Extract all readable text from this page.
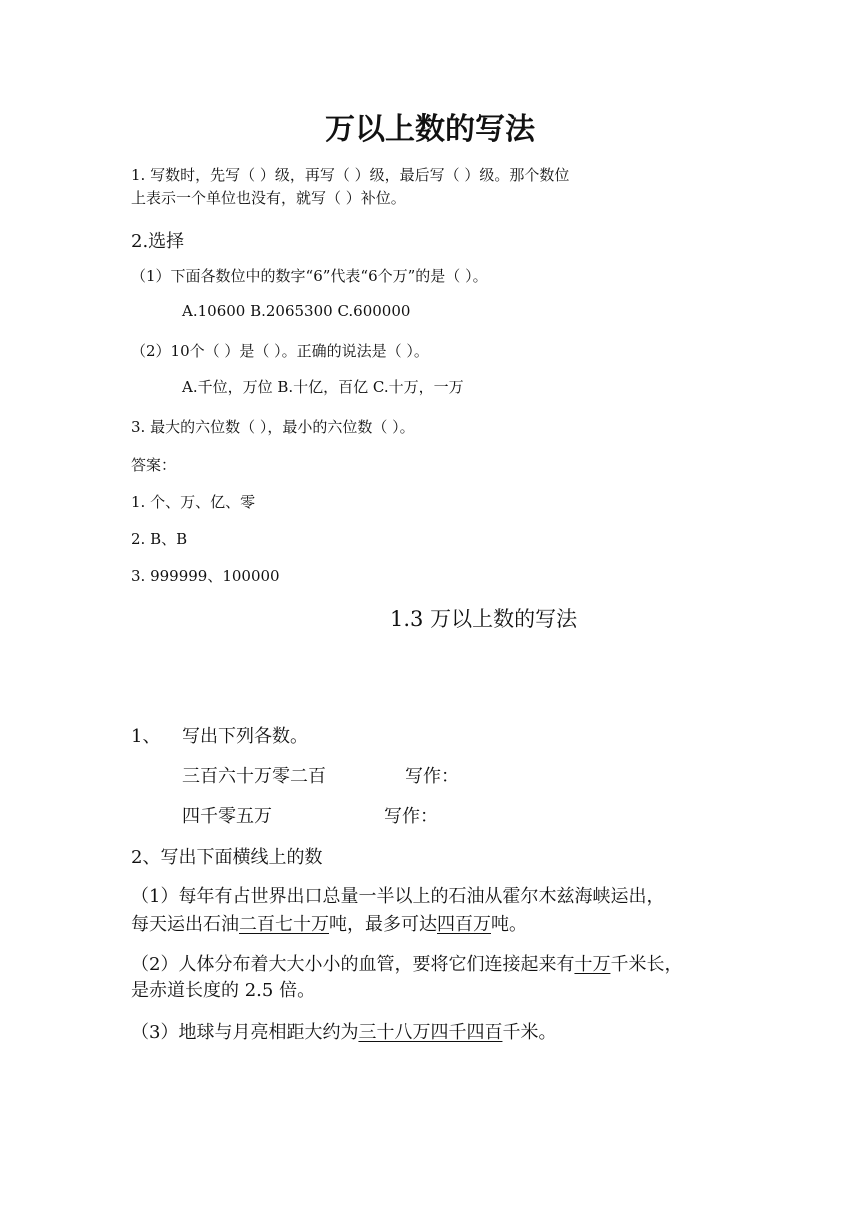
万以上数的写法
1. 写数时，先写（ ）级，再写（ ）级，最后写（ ）级。那个数位
上表示一个单位也没有，就写（ ）补位。
2.选择
（1）下面各数位中的数字“6”代表“6个万”的是（ ）。
A.10600 B.2065300 C.600000
（2）10个（ ）是（ ）。正确的说法是（ ）。
A.千位，万位 B.十亿，百亿 C.十万，一万
3. 最大的六位数（ ），最小的六位数（ ）。
答案：
1. 个、万、亿、零
2. B、B
3. 999999、100000
1.3 万以上数的写法
1、 写出下列各数。
三百六十万零二百	写作：
四千零五万	写作：
2、写出下面横线上的数
（1）每年有占世界出口总量一半以上的石油从霍尔木兹海峡运出，
每天运出石油二百七十万吨，最多可达四百万吨。
（2）人体分布着大大小小的血管，要将它们连接起来有十万千米长，
是赤道长度的 2.5 倍。
（3）地球与月亮相距大约为三十八万四千四百千米。
